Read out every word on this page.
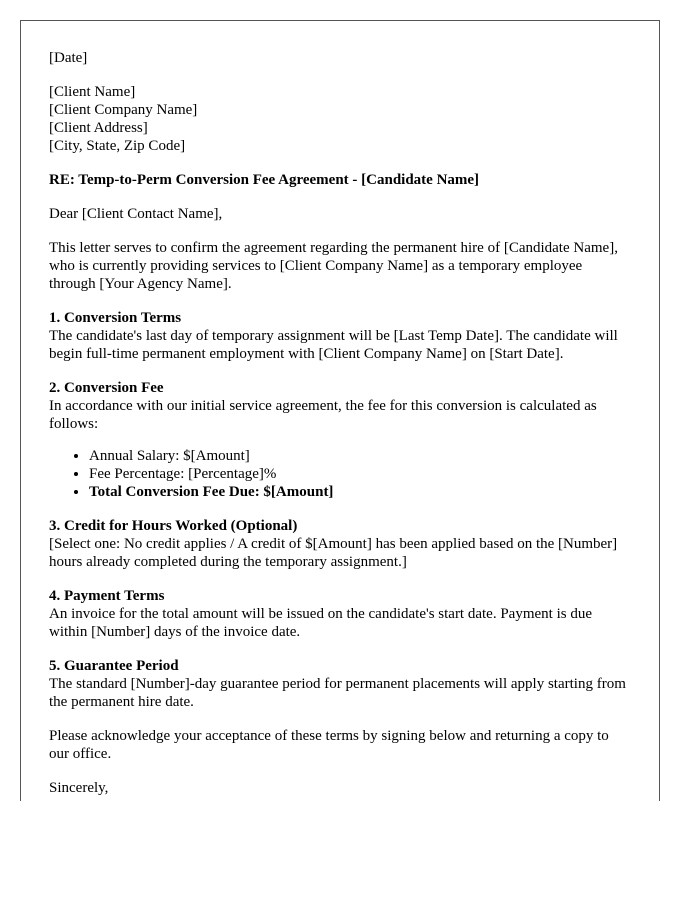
[Date]

[Client Name]
[Client Company Name]
[Client Address]
[City, State, Zip Code]

RE: Temp-to-Perm Conversion Fee Agreement - [Candidate Name]

Dear [Client Contact Name],

This letter serves to confirm the agreement regarding the permanent hire of [Candidate Name], who is currently providing services to [Client Company Name] as a temporary employee through [Your Agency Name].

1. Conversion Terms
The candidate's last day of temporary assignment will be [Last Temp Date]. The candidate will begin full-time permanent employment with [Client Company Name] on [Start Date].

2. Conversion Fee
In accordance with our initial service agreement, the fee for this conversion is calculated as follows:

• Annual Salary: $[Amount]
• Fee Percentage: [Percentage]%
• Total Conversion Fee Due: $[Amount]

3. Credit for Hours Worked (Optional)
[Select one: No credit applies / A credit of $[Amount] has been applied based on the [Number] hours already completed during the temporary assignment.]

4. Payment Terms
An invoice for the total amount will be issued on the candidate's start date. Payment is due within [Number] days of the invoice date.

5. Guarantee Period
The standard [Number]-day guarantee period for permanent placements will apply starting from the permanent hire date.

Please acknowledge your acceptance of these terms by signing below and returning a copy to our office.

Sincerely,
